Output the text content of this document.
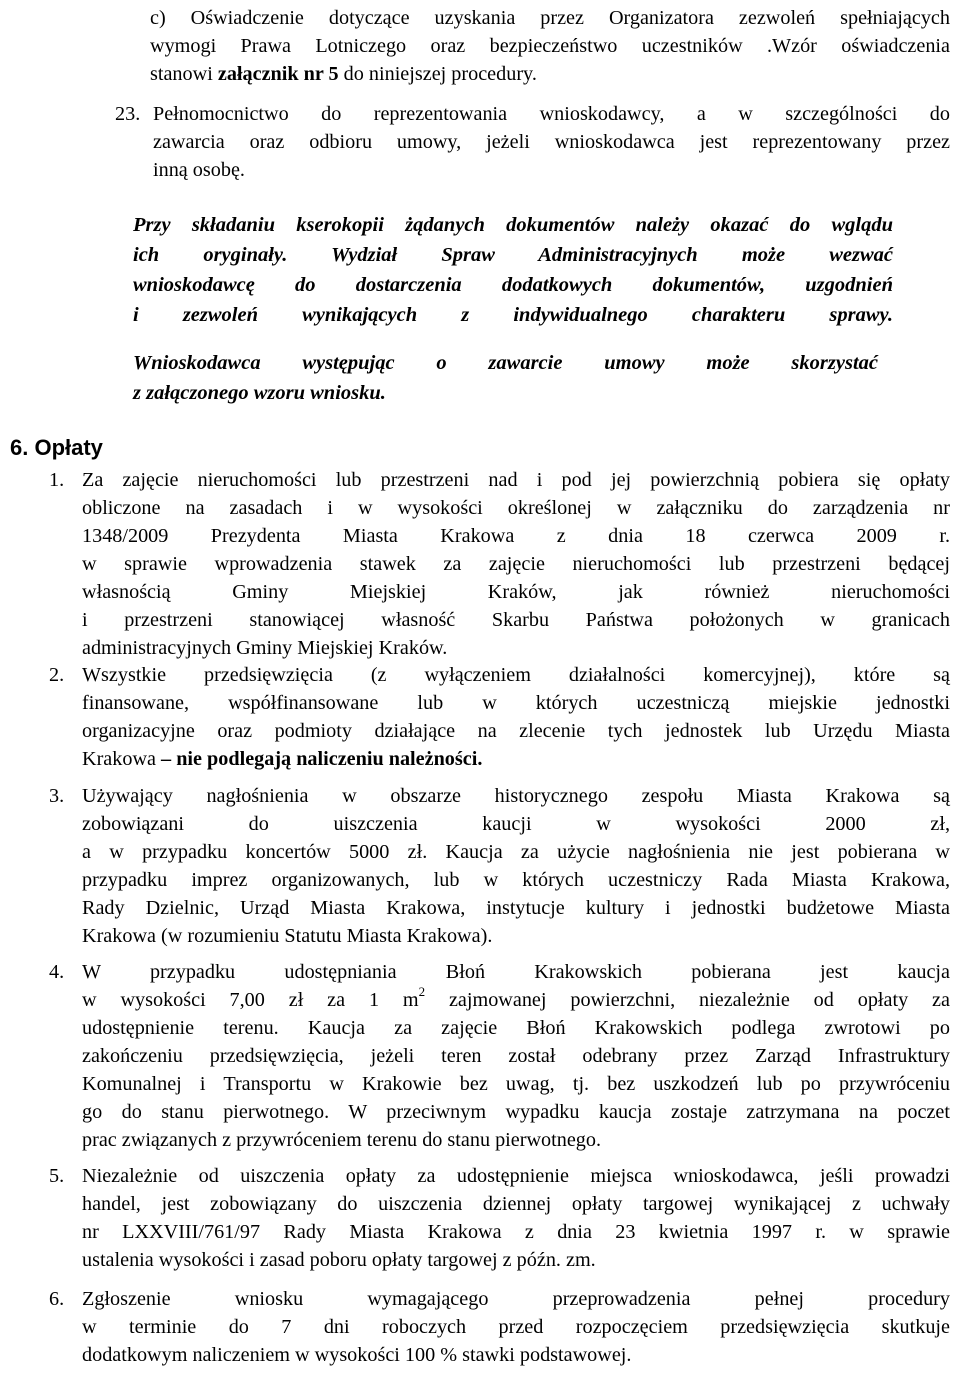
c) Oświadczenie dotyczące uzyskania przez Organizatora zezwoleń spełniających
wymogi Prawa Lotniczego oraz bezpieczeństwo uczestników .Wzór oświadczenia
stanowi załącznik nr 5 do niniejszej procedury.
23. Pełnomocnictwo do reprezentowania wnioskodawcy, a w szczególności do
zawarcia oraz odbioru umowy, jeżeli wnioskodawca jest reprezentowany przez
inną osobę.
Przy składaniu kserokopii żądanych dokumentów należy okazać do wglądu
ich oryginały. Wydział Spraw Administracyjnych może wezwać
wnioskodawcę do dostarczenia dodatkowych dokumentów, uzgodnień
i zezwoleń wynikających z indywidualnego charakteru sprawy.
Wnioskodawca występując o zawarcie umowy może skorzystać
z załączonego wzoru wniosku.
6. Opłaty
1. Za zajęcie nieruchomości lub przestrzeni nad i pod jej powierzchnią pobiera się opłaty
obliczone na zasadach i w wysokości określonej w załączniku do zarządzenia nr
1348/2009 Prezydenta Miasta Krakowa z dnia 18 czerwca 2009 r.
w sprawie wprowadzenia stawek za zajęcie nieruchomości lub przestrzeni będącej
własnością Gminy Miejskiej Kraków, jak również nieruchomości
i przestrzeni stanowiącej własność Skarbu Państwa położonych w granicach
administracyjnych Gminy Miejskiej Kraków.
2. Wszystkie przedsięwzięcia (z wyłączeniem działalności komercyjnej), które są
finansowane, współfinansowane lub w których uczestniczą miejskie jednostki
organizacyjne oraz podmioty działające na zlecenie tych jednostek lub Urzędu Miasta
Krakowa – nie podlegają naliczeniu należności.
3. Używający nagłośnienia w obszarze historycznego zespołu Miasta Krakowa są
zobowiązani do uiszczenia kaucji w wysokości 2000 zł,
a w przypadku koncertów 5000 zł. Kaucja za użycie nagłośnienia nie jest pobierana w
przypadku imprez organizowanych, lub w których uczestniczy Rada Miasta Krakowa,
Rady Dzielnic, Urząd Miasta Krakowa, instytucje kultury i jednostki budżetowe Miasta
Krakowa (w rozumieniu Statutu Miasta Krakowa).
4. W przypadku udostępniania Błoń Krakowskich pobierana jest kaucja
w wysokości 7,00 zł za 1 $m^2$ zajmowanej powierzchni, niezależnie od opłaty za
udostępnienie terenu. Kaucja za zajęcie Błoń Krakowskich podlega zwrotowi po
zakończeniu przedsięwzięcia, jeżeli teren został odebrany przez Zarząd Infrastruktury
Komunalnej i Transportu w Krakowie bez uwag, tj. bez uszkodzeń lub po przywróceniu
go do stanu pierwotnego. W przeciwnym wypadku kaucja zostaje zatrzymana na poczet
prac związanych z przywróceniem terenu do stanu pierwotnego.
5. Niezależnie od uiszczenia opłaty za udostępnienie miejsca wnioskodawca, jeśli prowadzi
handel, jest zobowiązany do uiszczenia dziennej opłaty targowej wynikającej z uchwały
nr LXXVIII/761/97 Rady Miasta Krakowa z dnia 23 kwietnia 1997 r. w sprawie
ustalenia wysokości i zasad poboru opłaty targowej z późn. zm.
6. Zgłoszenie wniosku wymagającego przeprowadzenia pełnej procedury
w terminie do 7 dni roboczych przed rozpoczęciem przedsięwzięcia skutkuje
dodatkowym naliczeniem w wysokości 100 % stawki podstawowej.
